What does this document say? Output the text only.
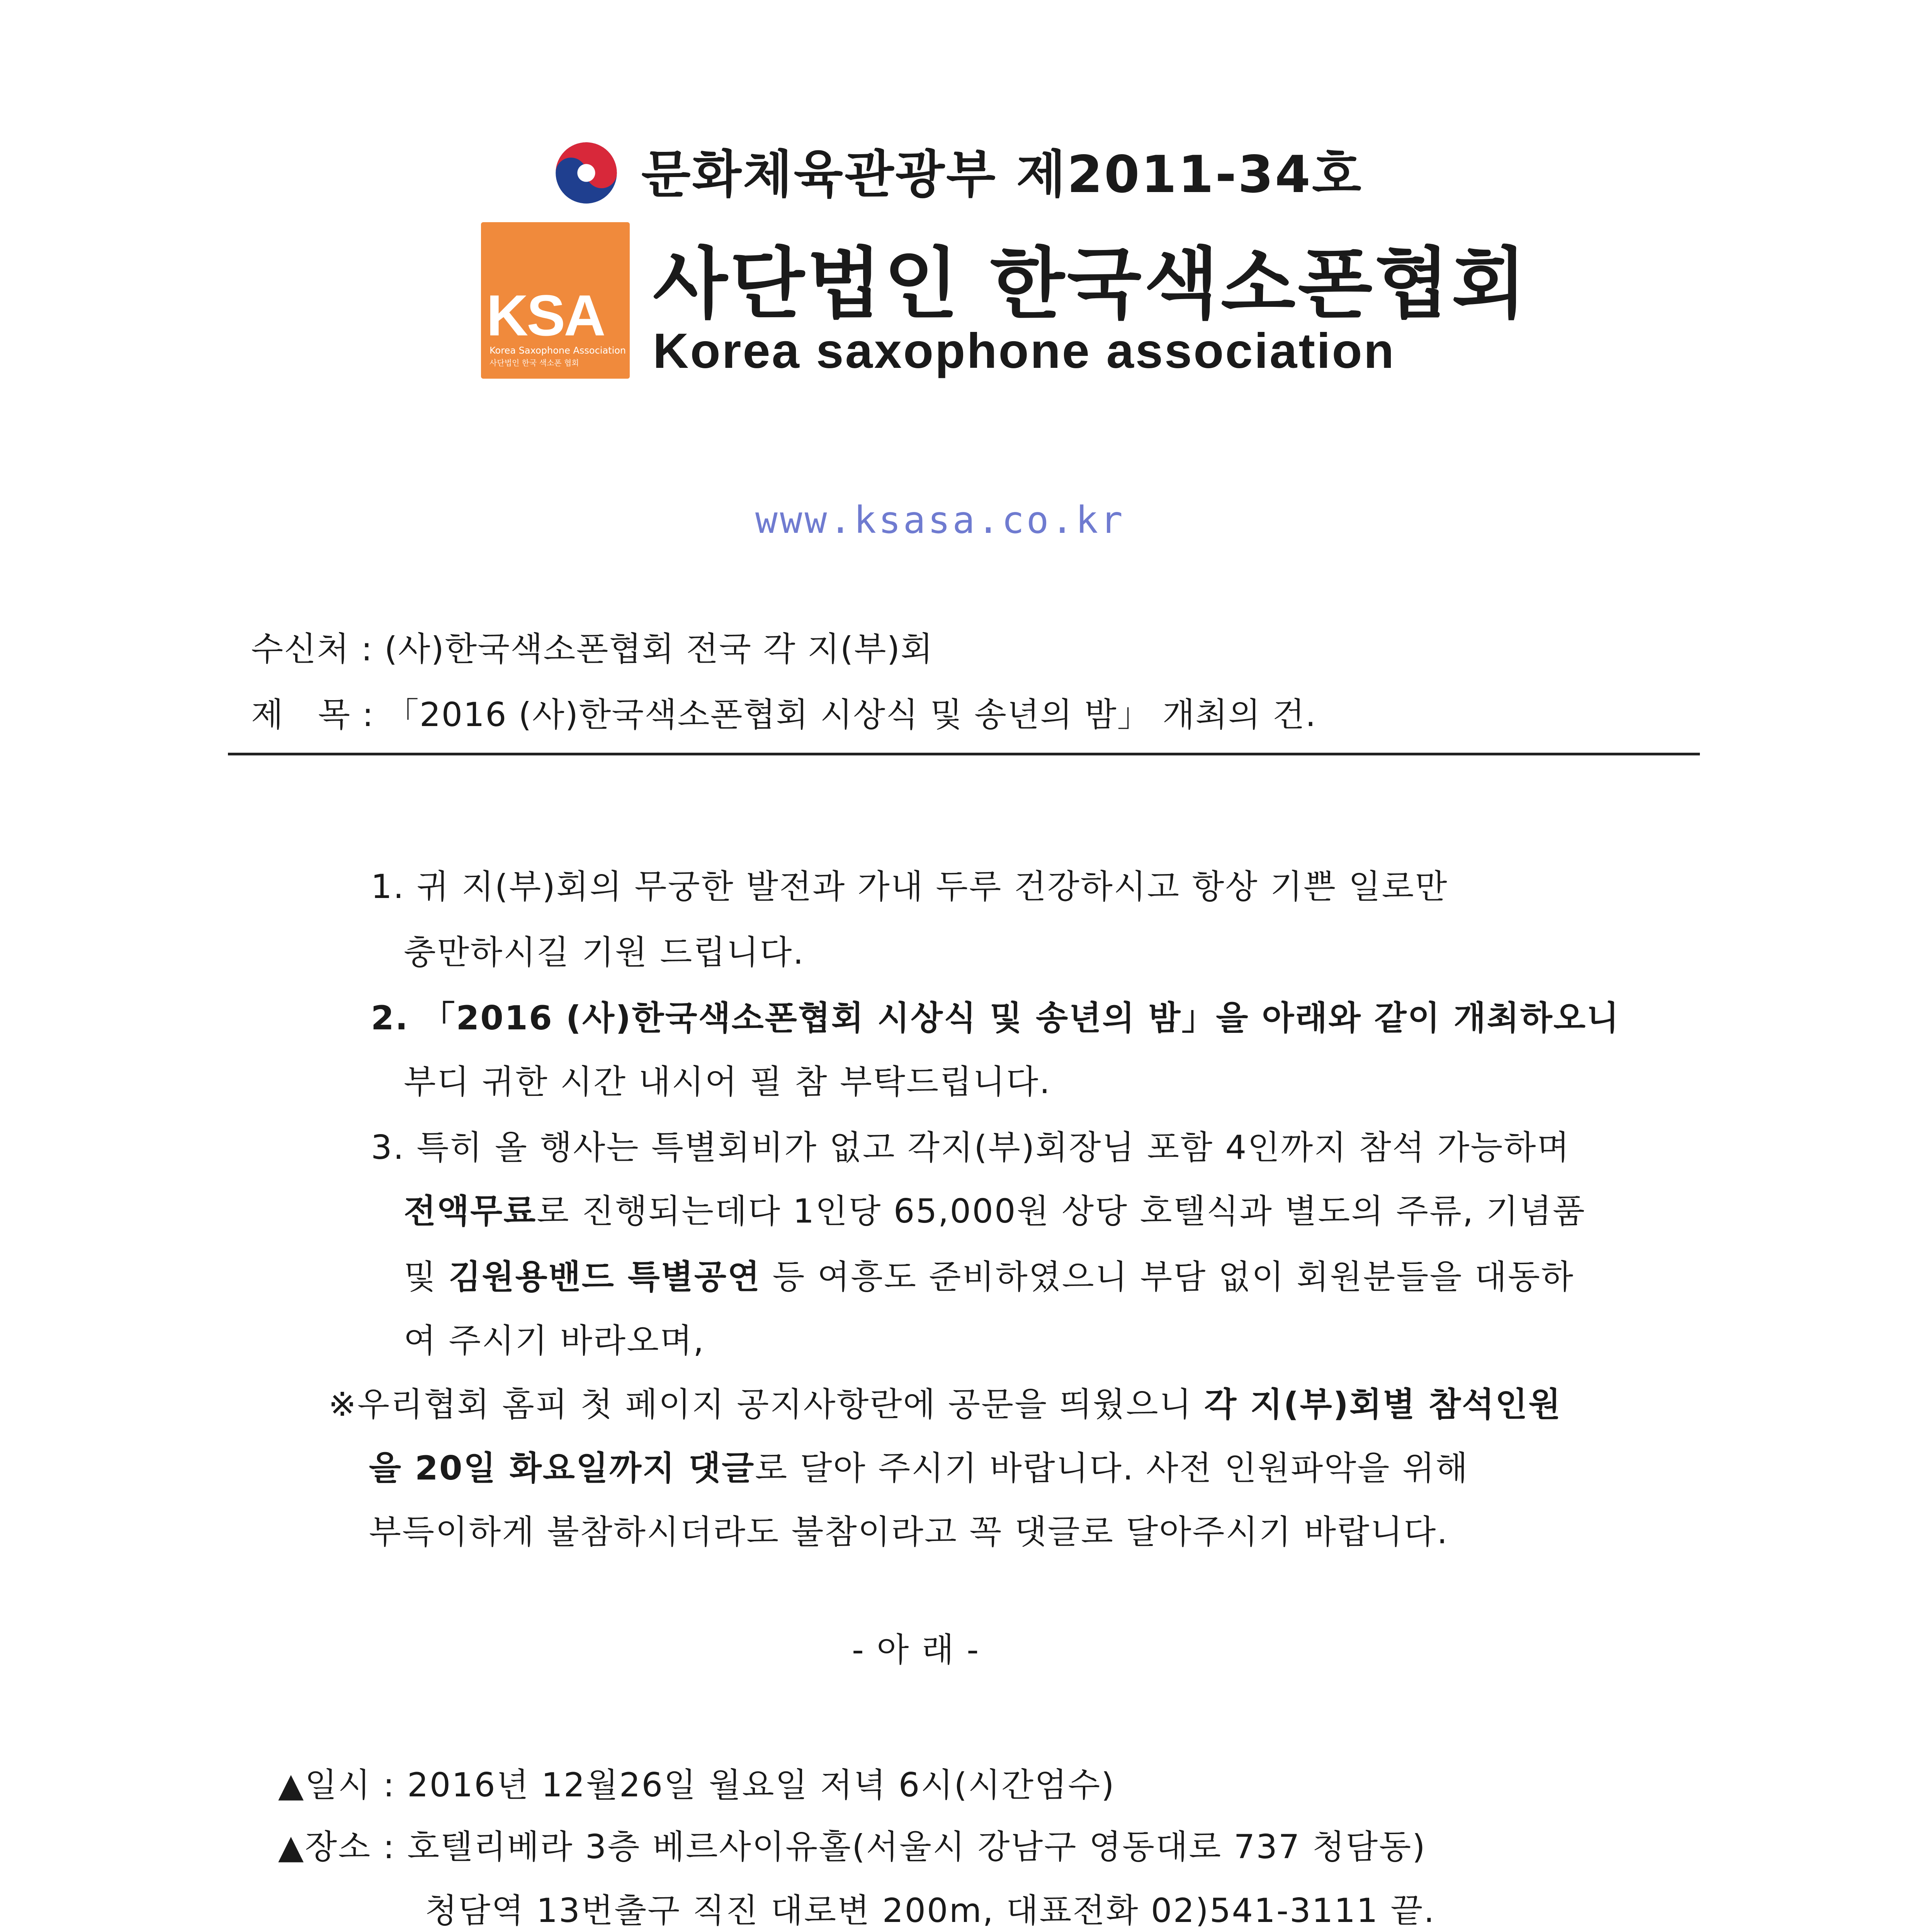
문화체육관광부 제2011-34호
KSA
Korea Saxophone Association
사단법인 한국 색소폰 협회
사단법인 한국색소폰협회
Korea saxophone association
www.ksasa.co.kr
수신처 : (사)한국색소폰협회 전국 각 지(부)회
제   목 : 「2016 (사)한국색소폰협회 시상식 및 송년의 밤」 개최의 건.
1. 귀 지(부)회의 무궁한 발전과 가내 두루 건강하시고 항상 기쁜 일로만
충만하시길 기원 드립니다.
2. 「2016 (사)한국색소폰협회 시상식 및 송년의 밤」을 아래와 같이 개최하오니
부디 귀한 시간 내시어 필 참 부탁드립니다.
3. 특히 올 행사는 특별회비가 없고 각지(부)회장님 포함 4인까지 참석 가능하며
전액무료로 진행되는데다 1인당 65,000원 상당 호텔식과 별도의 주류, 기념품
및 김원용밴드 특별공연 등 여흥도 준비하였으니 부담 없이 회원분들을 대동하
여 주시기 바라오며,
※우리협회 홈피 첫 페이지 공지사항란에 공문을 띄웠으니 각 지(부)회별 참석인원
을 20일 화요일까지 댓글로 달아 주시기 바랍니다. 사전 인원파악을 위해
부득이하게 불참하시더라도 불참이라고 꼭 댓글로 달아주시기 바랍니다.
- 아 래 -
▲일시 : 2016년 12월26일 월요일 저녁 6시(시간엄수)
▲장소 : 호텔리베라 3층 베르사이유홀(서울시 강남구 영동대로 737 청담동)
청담역 13번출구 직진 대로변 200m, 대표전화 02)541-3111 끝.
